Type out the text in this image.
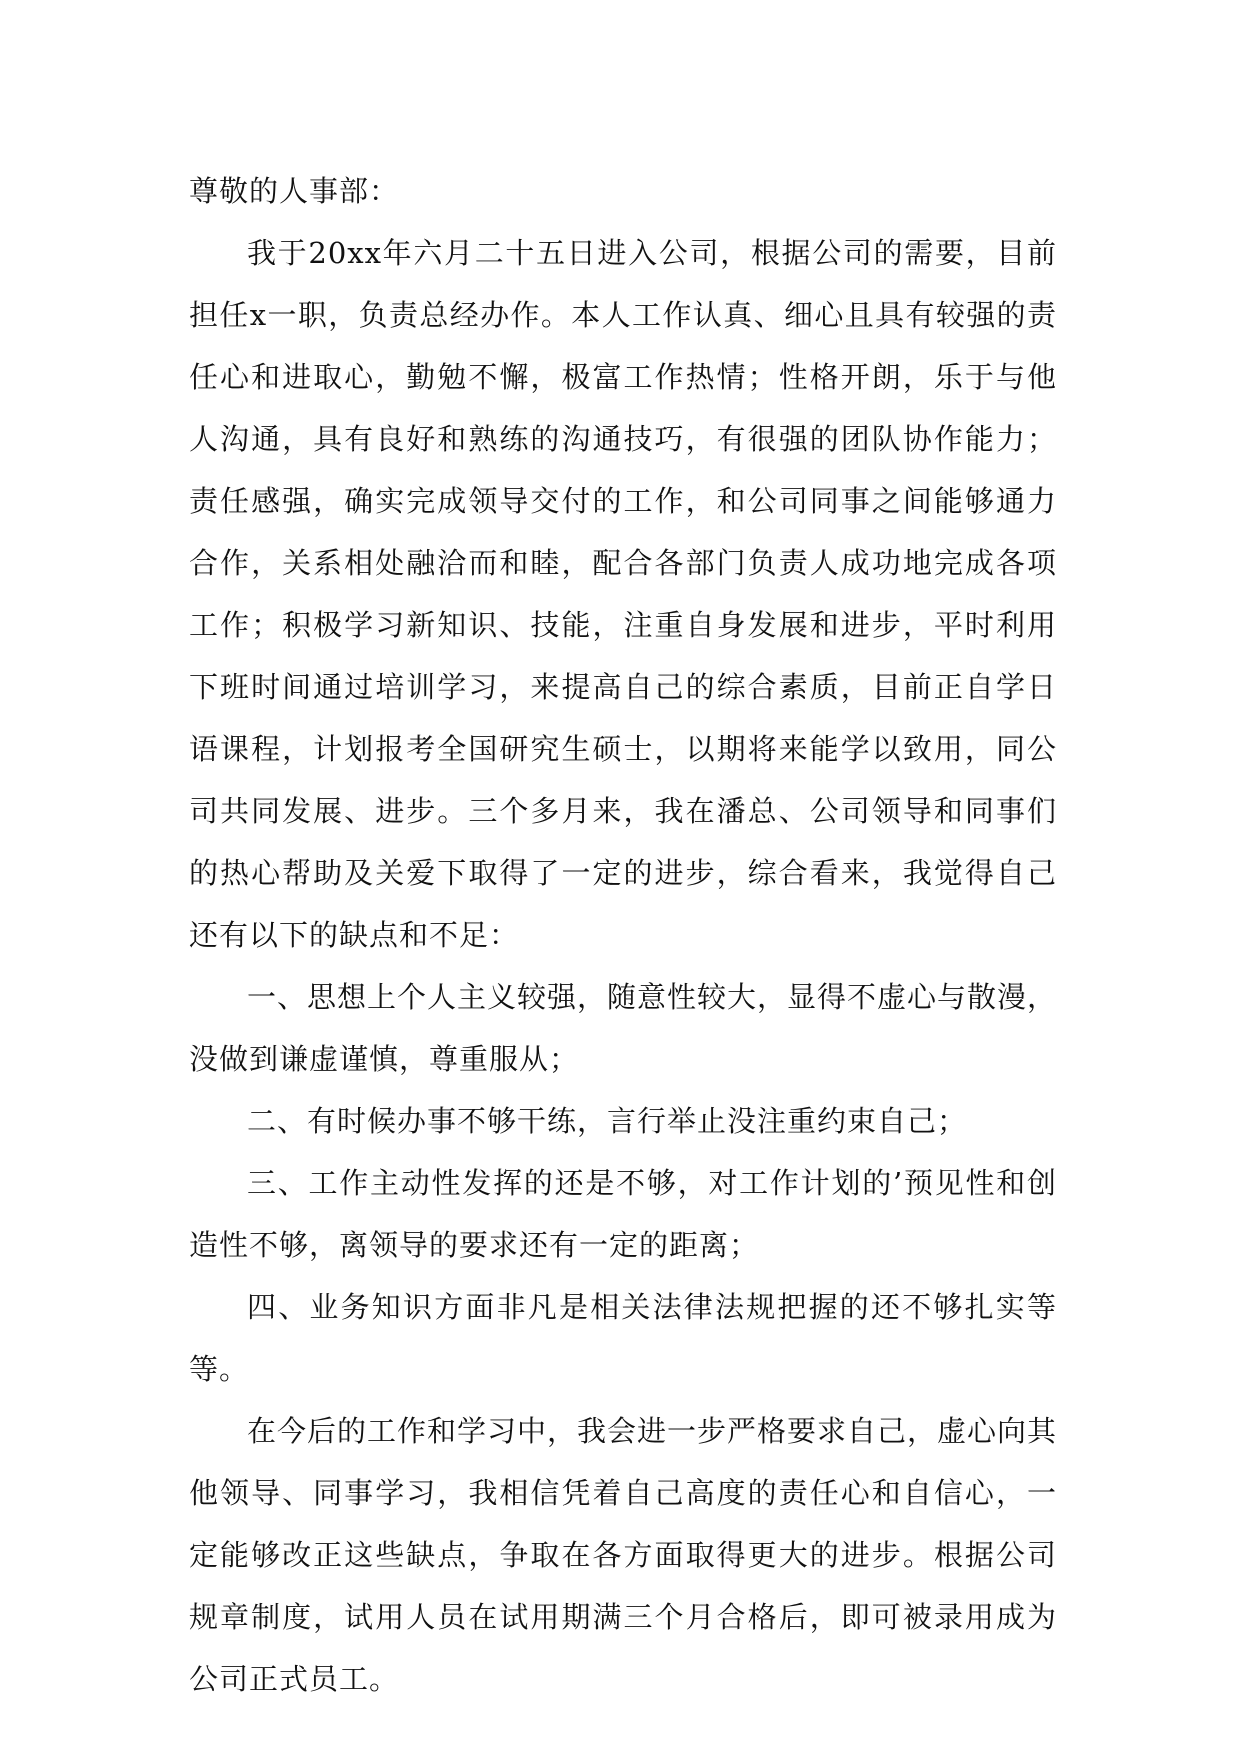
尊敬的人事部：

我于20xx年六月二十五日进入公司，根据公司的需要，目前担任x一职，负责总经办作。本人工作认真、细心且具有较强的责任心和进取心，勤勉不懈，极富工作热情；性格开朗，乐于与他人沟通，具有良好和熟练的沟通技巧，有很强的团队协作能力；责任感强，确实完成领导交付的工作，和公司同事之间能够通力合作，关系相处融洽而和睦，配合各部门负责人成功地完成各项工作；积极学习新知识、技能，注重自身发展和进步，平时利用下班时间通过培训学习，来提高自己的综合素质，目前正自学日语课程，计划报考全国研究生硕士，以期将来能学以致用，同公司共同发展、进步。三个多月来，我在潘总、公司领导和同事们的热心帮助及关爱下取得了一定的进步，综合看来，我觉得自己还有以下的缺点和不足：

一、思想上个人主义较强，随意性较大，显得不虚心与散漫，没做到谦虚谨慎，尊重服从；

二、有时候办事不够干练，言行举止没注重约束自己；

三、工作主动性发挥的还是不够，对工作计划的’预见性和创造性不够，离领导的要求还有一定的距离；

四、业务知识方面非凡是相关法律法规把握的还不够扎实等等。

在今后的工作和学习中，我会进一步严格要求自己，虚心向其他领导、同事学习，我相信凭着自己高度的责任心和自信心，一定能够改正这些缺点，争取在各方面取得更大的进步。根据公司规章制度，试用人员在试用期满三个月合格后，即可被录用成为公司正式员工。
